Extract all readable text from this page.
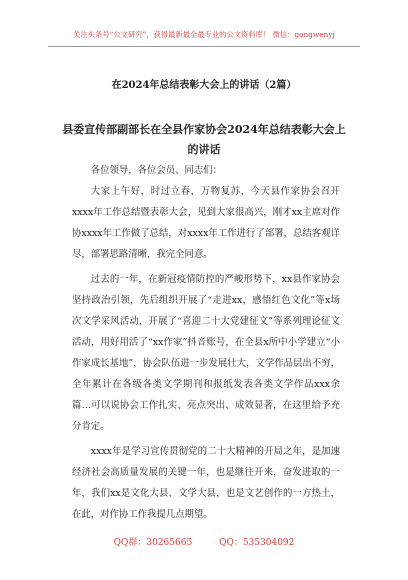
关注头条号“公文研究”，获得最新最全最专业的公文资料库！ 微信：gongwenyj
在2024年总结表彰大会上的讲话（2篇）
县委宣传部副部长在全县作家协会2024年总结表彰大会上的讲话

各位领导，各位会员、同志们：

大家上午好，时过立春，万物复苏，今天县作家协会召开xxxx年工作总结暨表彰大会，见到大家很高兴，刚才xx主席对作协xxxx年工作做了总结，对xxxx年工作进行了部署，总结客观详尽，部署思路清晰，我完全同意。

过去的一年，在新冠疫情防控的严峻形势下，xx县作家协会坚持政治引领，先后组织开展了“走进xx，感悟红色文化”等x场次文学采风活动，开展了“喜迎二十大党建征文”等系列理论征文活动，用好用活了“xx作家”抖音账号，在全县x所中小学建立“小作家成长基地”，协会队伍进一步发展壮大，文学作品层出不穷，全年累计在各级各类文学期刊和报纸发表各类文学作品xxx余篇…可以说协会工作扎实、亮点突出、成效显著，在这里给予充分肯定。

xxxx年是学习宣传贯彻党的二十大精神的开局之年，是加速经济社会高质量发展的关键一年，也是继往开来，奋发进取的一年，我们xx是文化大县、文学大县，也是文艺创作的一方热土，在此，对作协工作我提几点期望。

QQ群：30265665	QQ：535304092
